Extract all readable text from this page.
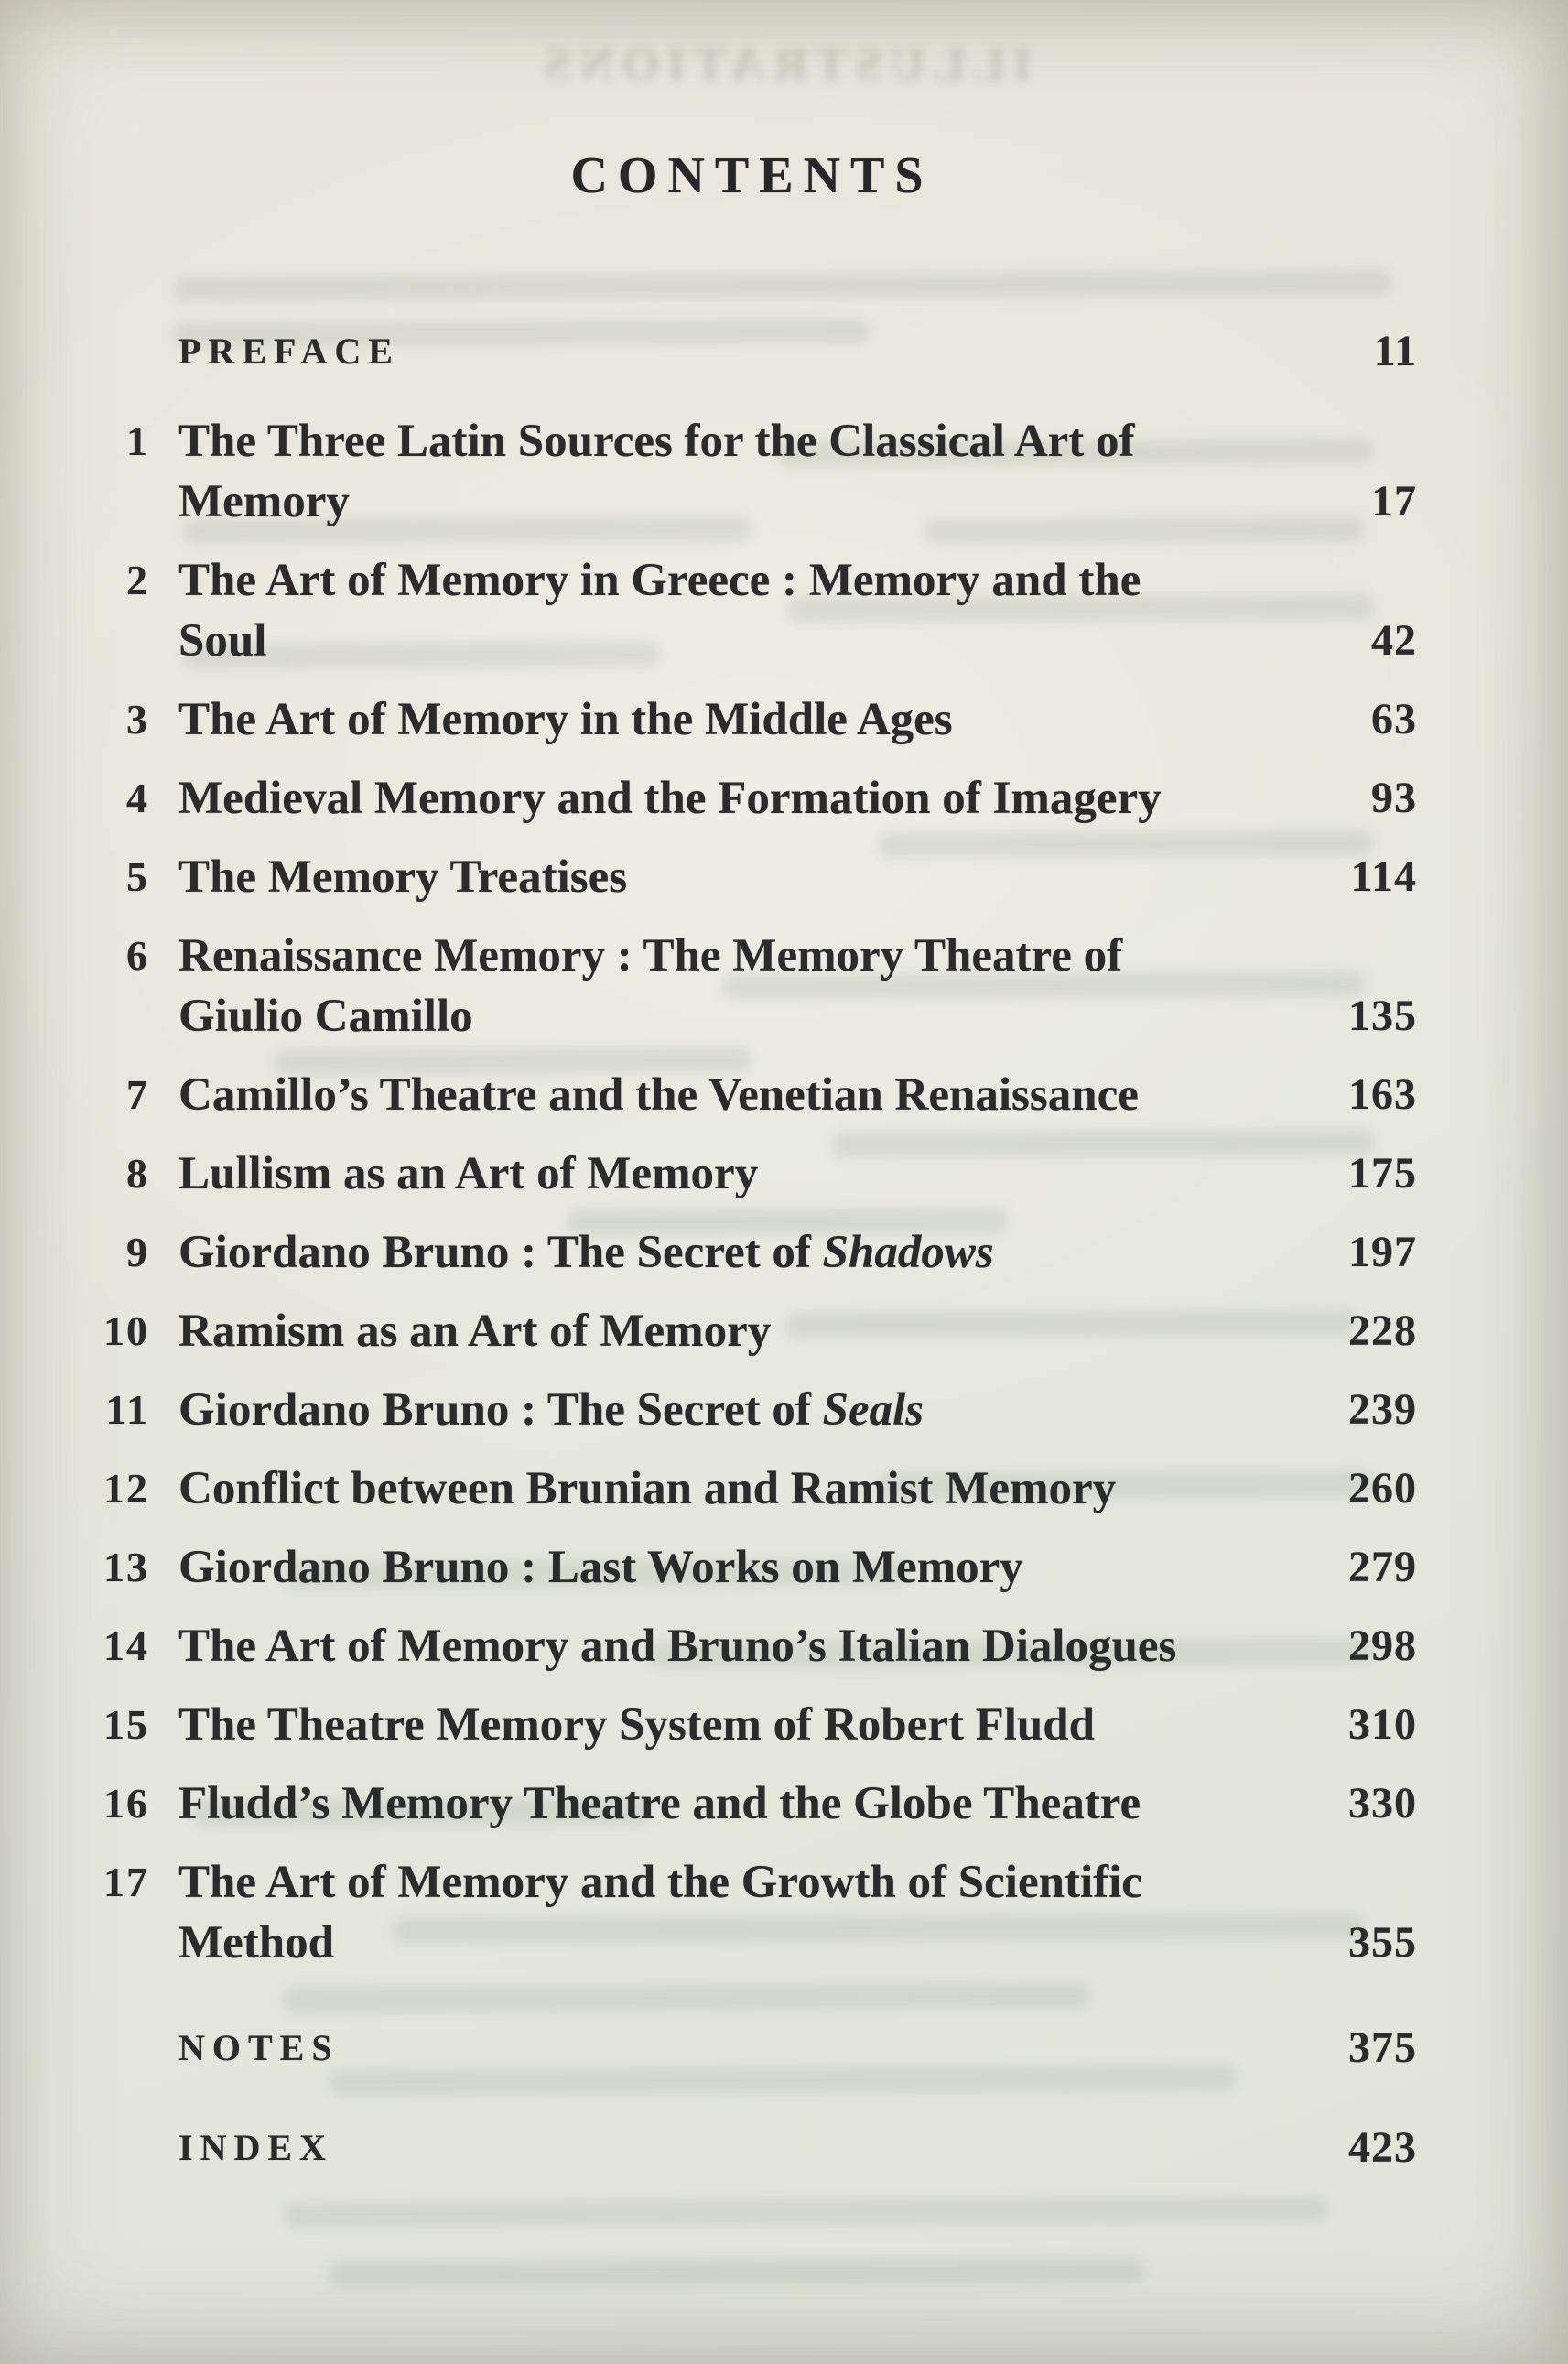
ILLUSTRATIONS
CONTENTS
PREFACE	11
1 The Three Latin Sources for the Classical Art of
Memory	17
2 The Art of Memory in Greece : Memory and the
Soul	42
3 The Art of Memory in the Middle Ages	63
4 Medieval Memory and the Formation of Imagery	93
5 The Memory Treatises	114
6 Renaissance Memory : The Memory Theatre of
Giulio Camillo	135
7 Camillo’s Theatre and the Venetian Renaissance	163
8 Lullism as an Art of Memory	175
9 Giordano Bruno : The Secret of Shadows	197
10 Ramism as an Art of Memory	228
11 Giordano Bruno : The Secret of Seals	239
12 Conflict between Brunian and Ramist Memory	260
13 Giordano Bruno : Last Works on Memory	279
14 The Art of Memory and Bruno’s Italian Dialogues	298
15 The Theatre Memory System of Robert Fludd	310
16 Fludd’s Memory Theatre and the Globe Theatre	330
17 The Art of Memory and the Growth of Scientific
Method	355
NOTES	375
INDEX	423
